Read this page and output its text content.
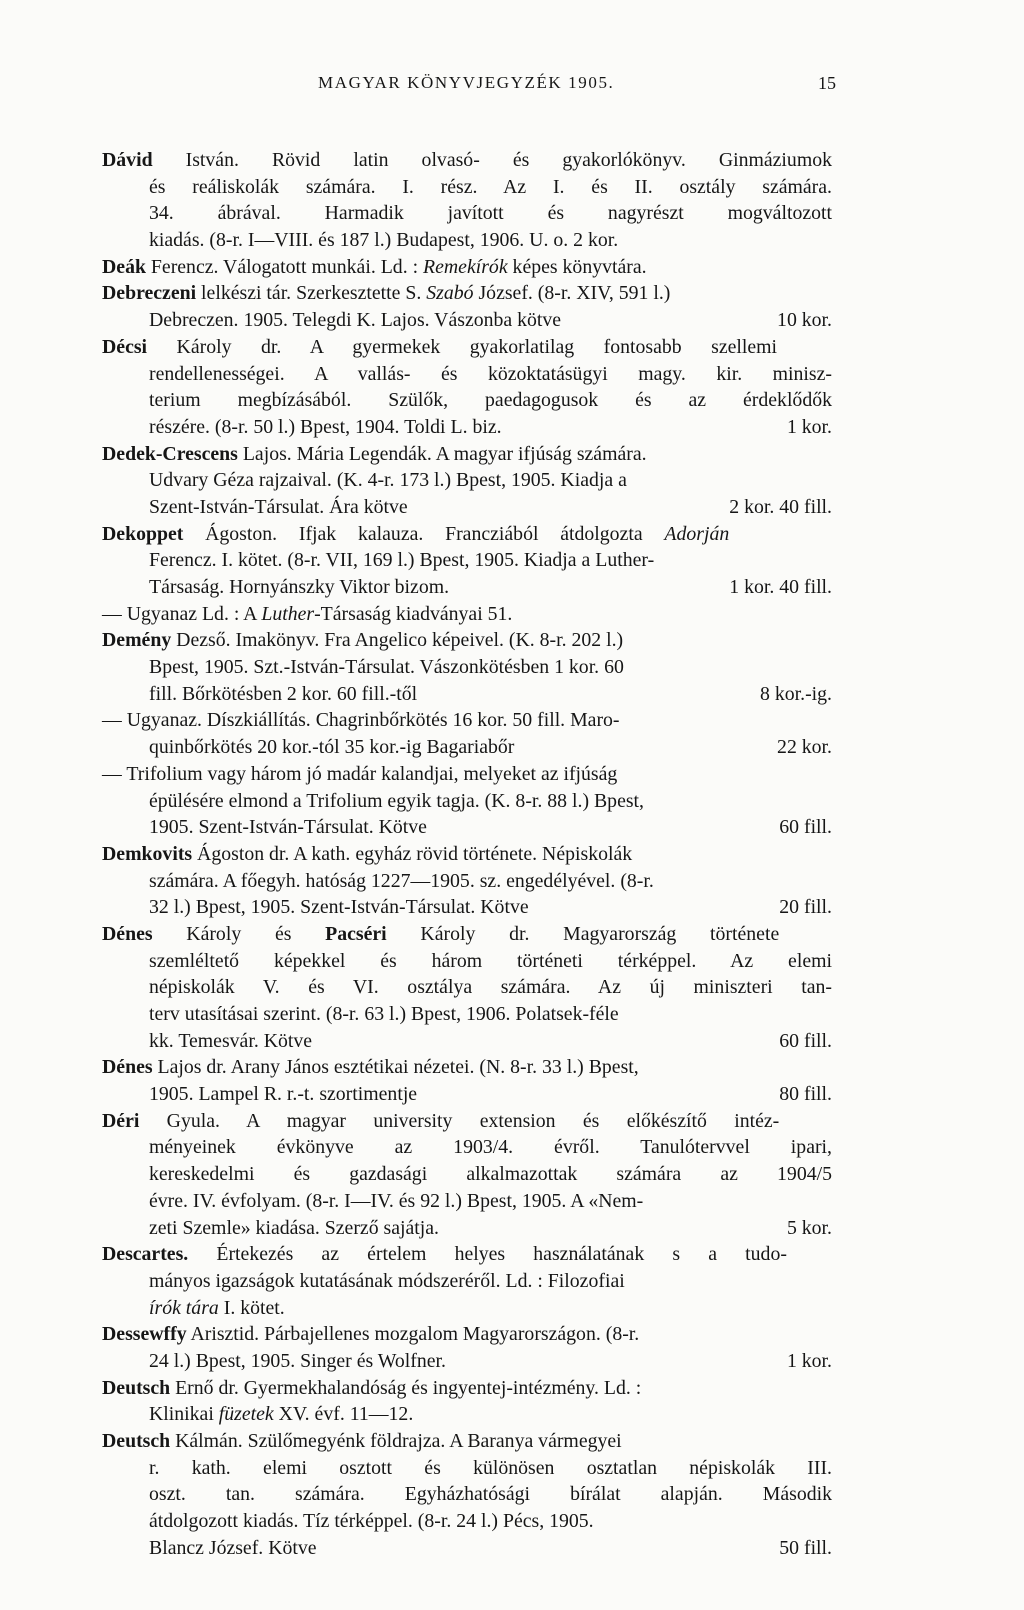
MAGYAR KÖNYVJEGYZÉK 1905.	15
Dávid István. Rövid latin olvasó- és gyakorlókönyv. Ginmáziumok
és reáliskolák számára. I. rész. Az I. és II. osztály számára.
34. ábrával. Harmadik javított és nagyrészt mogváltozott
kiadás. (8-r. I—VIII. és 187 l.) Budapest, 1906. U. o. 2 kor.
Deák Ferencz. Válogatott munkái. Ld. : Remekírók képes könyvtára.
Debreczeni lelkészi tár. Szerkesztette S. Szabó József. (8-r. XIV, 591 l.)
Debreczen. 1905. Telegdi K. Lajos. Vászonba kötve	10 kor.
Décsi Károly dr. A gyermekek gyakorlatilag fontosabb szellemi
rendellenességei. A vallás- és közoktatásügyi magy. kir. minisz-
terium megbízásából. Szülők, paedagogusok és az érdeklődők
részére. (8-r. 50 l.) Bpest, 1904. Toldi L. biz.	1 kor.
Dedek-Crescens Lajos. Mária Legendák. A magyar ifjúság számára.
Udvary Géza rajzaival. (K. 4-r. 173 l.) Bpest, 1905. Kiadja a
Szent-István-Társulat. Ára kötve	2 kor. 40 fill.
Dekoppet Ágoston. Ifjak kalauza. Francziából átdolgozta Adorján
Ferencz. I. kötet. (8-r. VII, 169 l.) Bpest, 1905. Kiadja a Luther-
Társaság. Hornyánszky Viktor bizom.	1 kor. 40 fill.
— Ugyanaz Ld. : A Luther-Társaság kiadványai 51.
Demény Dezső. Imakönyv. Fra Angelico képeivel. (K. 8-r. 202 l.)
Bpest, 1905. Szt.-István-Társulat. Vászonkötésben 1 kor. 60
fill. Bőrkötésben 2 kor. 60 fill.-től	8 kor.-ig.
— Ugyanaz. Díszkiállítás. Chagrinbőrkötés 16 kor. 50 fill. Maro-
quinbőrkötés 20 kor.-tól 35 kor.-ig Bagariabőr	22 kor.
— Trifolium vagy három jó madár kalandjai, melyeket az ifjúság
épülésére elmond a Trifolium egyik tagja. (K. 8-r. 88 l.) Bpest,
1905. Szent-István-Társulat. Kötve	60 fill.
Demkovits Ágoston dr. A kath. egyház rövid története. Népiskolák
számára. A főegyh. hatóság 1227—1905. sz. engedélyével. (8-r.
32 l.) Bpest, 1905. Szent-István-Társulat. Kötve	20 fill.
Dénes Károly és Pacséri Károly dr. Magyarország története
szemléltető képekkel és három történeti térképpel. Az elemi
népiskolák V. és VI. osztálya számára. Az új miniszteri tan-
terv utasításai szerint. (8-r. 63 l.) Bpest, 1906. Polatsek-féle
kk. Temesvár. Kötve	60 fill.
Dénes Lajos dr. Arany János esztétikai nézetei. (N. 8-r. 33 l.) Bpest,
1905. Lampel R. r.-t. szortimentje	80 fill.
Déri Gyula. A magyar university extension és előkészítő intéz-
ményeinek évkönyve az 1903/4. évről. Tanulótervvel ipari,
kereskedelmi és gazdasági alkalmazottak számára az 1904/5
évre. IV. évfolyam. (8-r. I—IV. és 92 l.) Bpest, 1905. A «Nem-
zeti Szemle» kiadása. Szerző sajátja.	5 kor.
Descartes. Értekezés az értelem helyes használatának s a tudo-
mányos igazságok kutatásának módszeréről. Ld. : Filozofiai
írók tára I. kötet.
Dessewffy Arisztid. Párbajellenes mozgalom Magyarországon. (8-r.
24 l.) Bpest, 1905. Singer és Wolfner.	1 kor.
Deutsch Ernő dr. Gyermekhalandóság és ingyentej-intézmény. Ld. :
Klinikai füzetek XV. évf. 11—12.
Deutsch Kálmán. Szülőmegyénk földrajza. A Baranya vármegyei
r. kath. elemi osztott és különösen osztatlan népiskolák III.
oszt. tan. számára. Egyházhatósági bírálat alapján. Második
átdolgozott kiadás. Tíz térképpel. (8-r. 24 l.) Pécs, 1905.
Blancz József. Kötve	50 fill.
